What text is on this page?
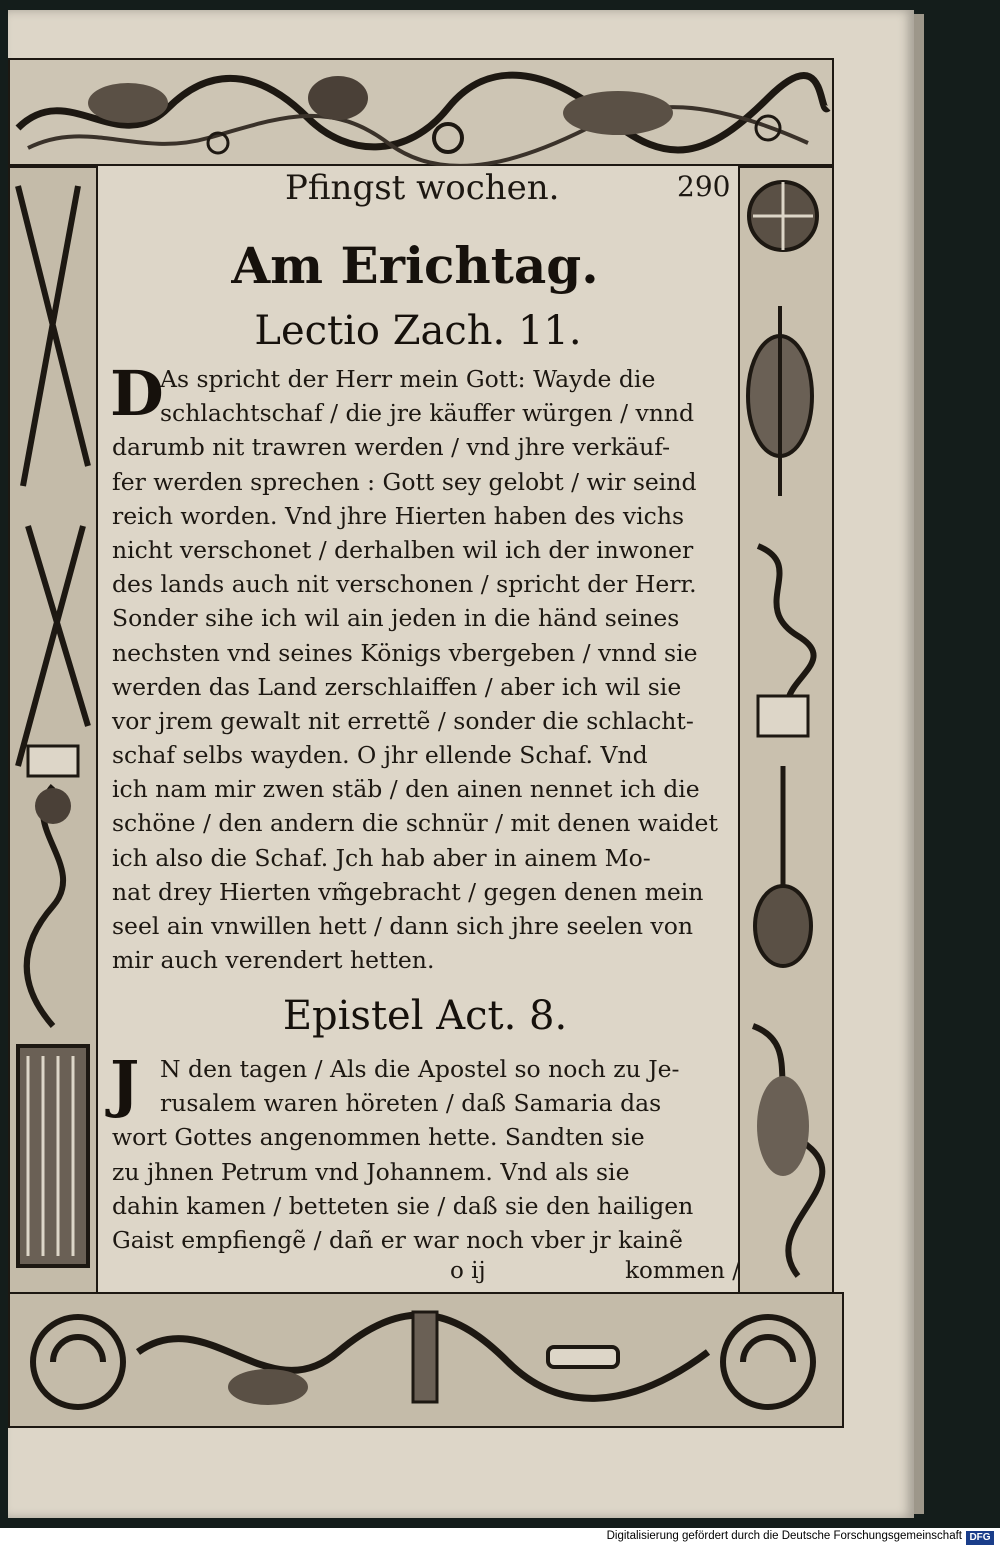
Pfingst wochen.	290
Am Erichtag.
Lectio Zach. 11.
D
As spricht der Herr mein Gott: Wayde die
schlachtschaf / die jre käuffer würgen / vnnd
darumb nit trawren werden / vnd jhre verkäuf-
fer werden sprechen : Gott sey gelobt / wir seind
reich worden. Vnd jhre Hierten haben des vichs
nicht verschonet / derhalben wil ich der inwoner
des lands auch nit verschonen / spricht der Herr.
Sonder sihe ich wil ain jeden in die händ seines
nechsten vnd seines Königs vbergeben / vnnd sie
werden das Land zerschlaiffen / aber ich wil sie
vor jrem gewalt nit errettẽ / sonder die schlacht-
schaf selbs wayden. O jhr ellende Schaf. Vnd
ich nam mir zwen stäb / den ainen nennet ich die
schöne / den andern die schnür / mit denen waidet
ich also die Schaf. Jch hab aber in ainem Mo-
nat drey Hierten vm̃gebracht / gegen denen mein
seel ain vnwillen hett / dann sich jhre seelen von
mir auch verendert hetten.
Epistel Act. 8.
J N den tagen / Als die Apostel so noch zu Je-
rusalem waren höreten / daß Samaria das
wort Gottes angenommen hette. Sandten sie
zu jhnen Petrum vnd Johannem. Vnd als sie
dahin kamen / betteten sie / daß sie den hailigen
Gaist empfiengẽ / dañ er war noch vber jr kainẽ
o ij	kommen /
Digitalisierung gefördert durch die Deutsche Forschungsgemeinschaft DFG
